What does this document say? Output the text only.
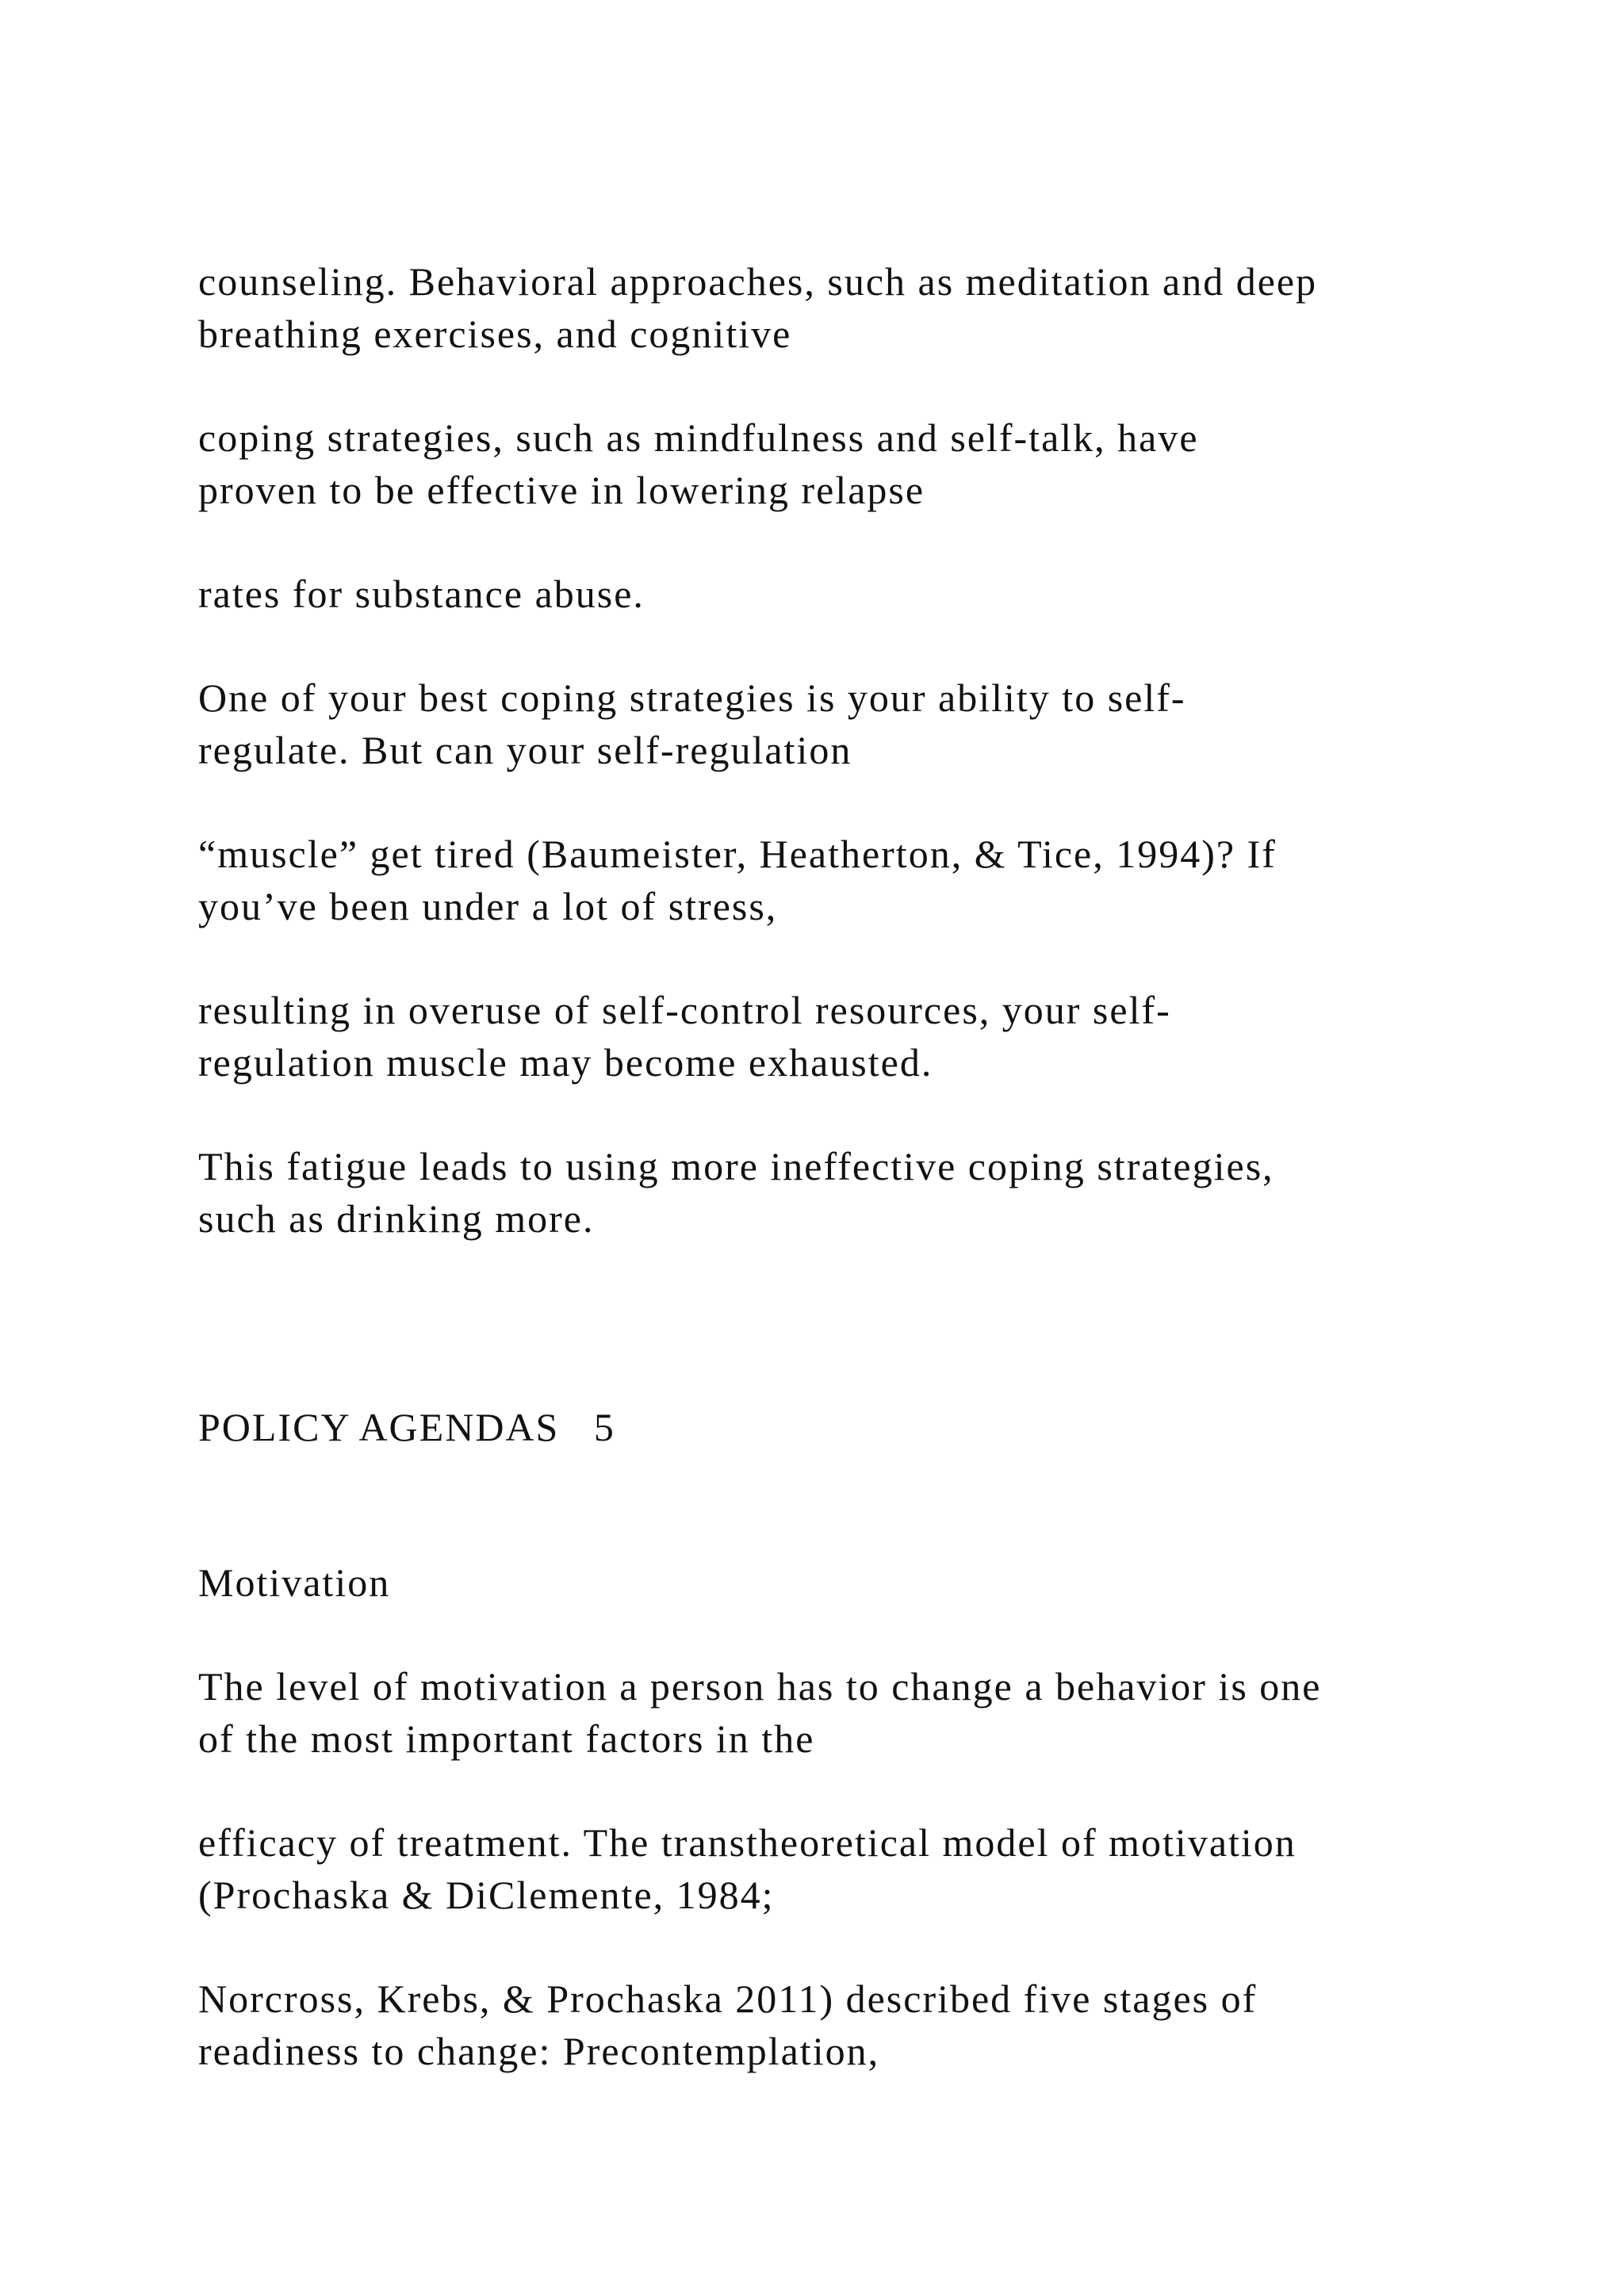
counseling. Behavioral approaches, such as meditation and deep

breathing exercises, and cognitive

coping strategies, such as mindfulness and self-talk, have

proven to be effective in lowering relapse

rates for substance abuse.

One of your best coping strategies is your ability to self-

regulate. But can your self-regulation

“muscle” get tired (Baumeister, Heatherton, & Tice, 1994)? If

you’ve been under a lot of stress,

resulting in overuse of self-control resources, your self-

regulation muscle may become exhausted.

This fatigue leads to using more ineffective coping strategies,

such as drinking more.

POLICY AGENDAS   5

Motivation

The level of motivation a person has to change a behavior is one

of the most important factors in the

efficacy of treatment. The transtheoretical model of motivation

(Prochaska & DiClemente, 1984;

Norcross, Krebs, & Prochaska 2011) described five stages of

readiness to change: Precontemplation,
